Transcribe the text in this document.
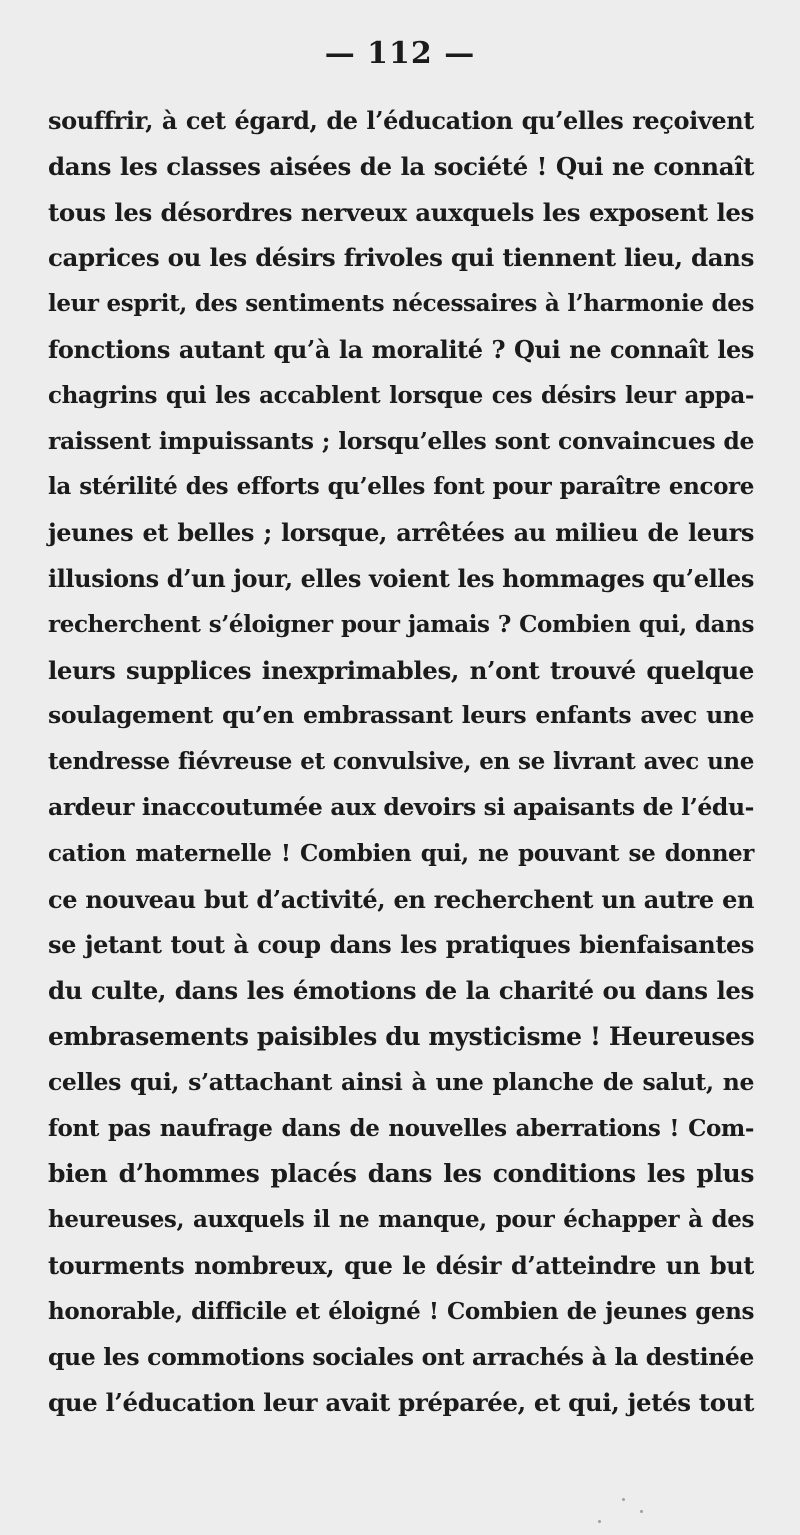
— 112 —
souffrir, à cet égard, de l’éducation qu’elles reçoivent
dans les classes aisées de la société ! Qui ne connaît
tous les désordres nerveux auxquels les exposent les
caprices ou les désirs frivoles qui tiennent lieu, dans
leur esprit, des sentiments nécessaires à l’harmonie des
fonctions autant qu’à la moralité ? Qui ne connaît les
chagrins qui les accablent lorsque ces désirs leur appa-
raissent impuissants ; lorsqu’elles sont convaincues de
la stérilité des efforts qu’elles font pour paraître encore
jeunes et belles ; lorsque, arrêtées au milieu de leurs
illusions d’un jour, elles voient les hommages qu’elles
recherchent s’éloigner pour jamais ? Combien qui, dans
leurs supplices inexprimables, n’ont trouvé quelque
soulagement qu’en embrassant leurs enfants avec une
tendresse fiévreuse et convulsive, en se livrant avec une
ardeur inaccoutumée aux devoirs si apaisants de l’édu-
cation maternelle ! Combien qui, ne pouvant se donner
ce nouveau but d’activité, en recherchent un autre en
se jetant tout à coup dans les pratiques bienfaisantes
du culte, dans les émotions de la charité ou dans les
embrasements paisibles du mysticisme ! Heureuses
celles qui, s’attachant ainsi à une planche de salut, ne
font pas naufrage dans de nouvelles aberrations ! Com-
bien d’hommes placés dans les conditions les plus
heureuses, auxquels il ne manque, pour échapper à des
tourments nombreux, que le désir d’atteindre un but
honorable, difficile et éloigné ! Combien de jeunes gens
que les commotions sociales ont arrachés à la destinée
que l’éducation leur avait préparée, et qui, jetés tout
